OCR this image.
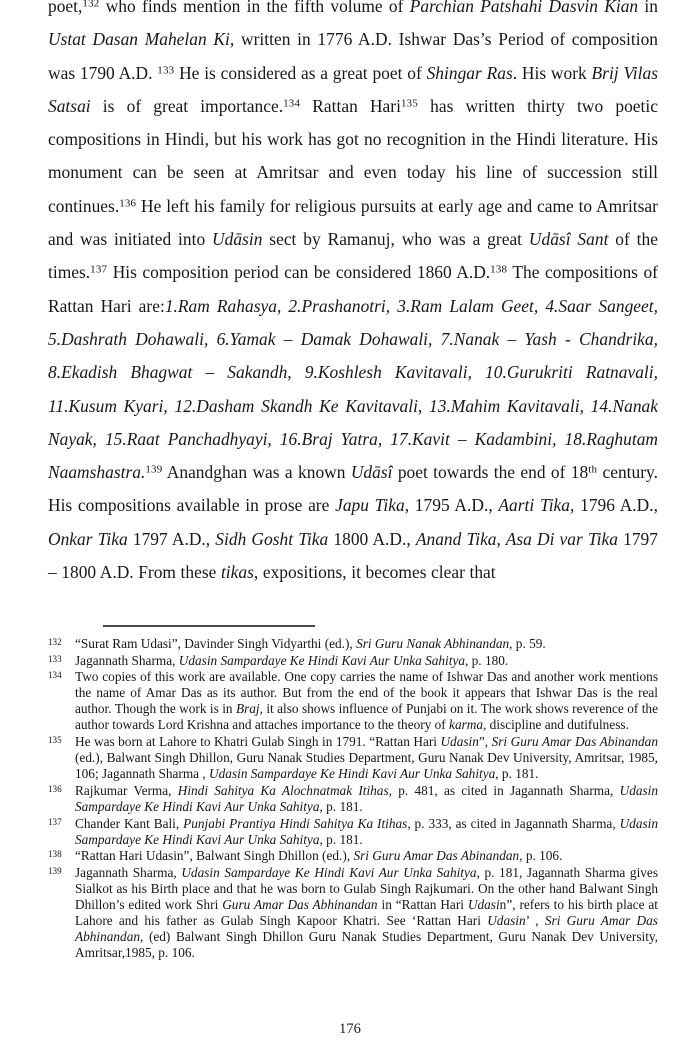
poet,$^{132}$ who finds mention in the fifth volume of Parchian Patshahi Dasvin Kian in Ustat Dasan Mahelan Ki, written in 1776 A.D. Ishwar Das’s Period of composition was 1790 A.D. $^{133}$ He is considered as a great poet of Shingar Ras. His work Brij Vilas Satsai is of great importance.$^{134}$ Rattan Hari$^{135}$ has written thirty two poetic compositions in Hindi, but his work has got no recognition in the Hindi literature. His monument can be seen at Amritsar and even today his line of succession still continues.$^{136}$ He left his family for religious pursuits at early age and came to Amritsar and was initiated into Udāsin sect by Ramanuj, who was a great Udāsî Sant of the times.$^{137}$ His composition period can be considered 1860 A.D.$^{138}$ The compositions of Rattan Hari are:1.Ram Rahasya, 2.Prashanotri, 3.Ram Lalam Geet, 4.Saar Sangeet, 5.Dashrath Dohawali, 6.Yamak – Damak Dohawali, 7.Nanak – Yash - Chandrika, 8.Ekadish Bhagwat – Sakandh, 9.Koshlesh Kavitavali, 10.Gurukriti Ratnavali, 11.Kusum Kyari, 12.Dasham Skandh Ke Kavitavali, 13.Mahim Kavitavali, 14.Nanak Nayak, 15.Raat Panchadhyayi, 16.Braj Yatra, 17.Kavit – Kadambini, 18.Raghutam Naamshastra.$^{139}$ Anandghan was a known Udāsî poet towards the end of 18th century. His compositions available in prose are Japu Tika, 1795 A.D., Aarti Tika, 1796 A.D., Onkar Tika 1797 A.D., Sidh Gosht Tika 1800 A.D., Anand Tika, Asa Di var Tika 1797 – 1800 A.D. From these tikas, expositions, it becomes clear that

132 “Surat Ram Udasi”, Davinder Singh Vidyarthi (ed.), Sri Guru Nanak Abhinandan, p. 59.
133 Jagannath Sharma, Udasin Sampardaye Ke Hindi Kavi Aur Unka Sahitya, p. 180.
134 Two copies of this work are available. One copy carries the name of Ishwar Das and another work mentions the name of Amar Das as its author. But from the end of the book it appears that Ishwar Das is the real author. Though the work is in Braj, it also shows influence of Punjabi on it. The work shows reverence of the author towards Lord Krishna and attaches importance to the theory of karma, discipline and dutifulness.
135 He was born at Lahore to Khatri Gulab Singh in 1791. “Rattan Hari Udasin”, Sri Guru Amar Das Abinandan (ed.), Balwant Singh Dhillon, Guru Nanak Studies Department, Guru Nanak Dev University, Amritsar, 1985, 106; Jagannath Sharma , Udasin Sampardaye Ke Hindi Kavi Aur Unka Sahitya, p. 181.
136 Rajkumar Verma, Hindi Sahitya Ka Alochnatmak Itihas, p. 481, as cited in Jagannath Sharma, Udasin Sampardaye Ke Hindi Kavi Aur Unka Sahitya, p. 181.
137 Chander Kant Bali, Punjabi Prantiya Hindi Sahitya Ka Itihas, p. 333, as cited in Jagannath Sharma, Udasin Sampardaye Ke Hindi Kavi Aur Unka Sahitya, p. 181.
138 “Rattan Hari Udasin”, Balwant Singh Dhillon (ed.), Sri Guru Amar Das Abinandan, p. 106.
139 Jagannath Sharma, Udasin Sampardaye Ke Hindi Kavi Aur Unka Sahitya, p. 181, Jagannath Sharma gives Sialkot as his Birth place and that he was born to Gulab Singh Rajkumari. On the other hand Balwant Singh Dhillon’s edited work Shri Guru Amar Das Abhinandan in “Rattan Hari Udasin”, refers to his birth place at Lahore and his father as Gulab Singh Kapoor Khatri. See ‘Rattan Hari Udasin’ , Sri Guru Amar Das Abhinandan, (ed) Balwant Singh Dhillon Guru Nanak Studies Department, Guru Nanak Dev University, Amritsar,1985, p. 106.
176
